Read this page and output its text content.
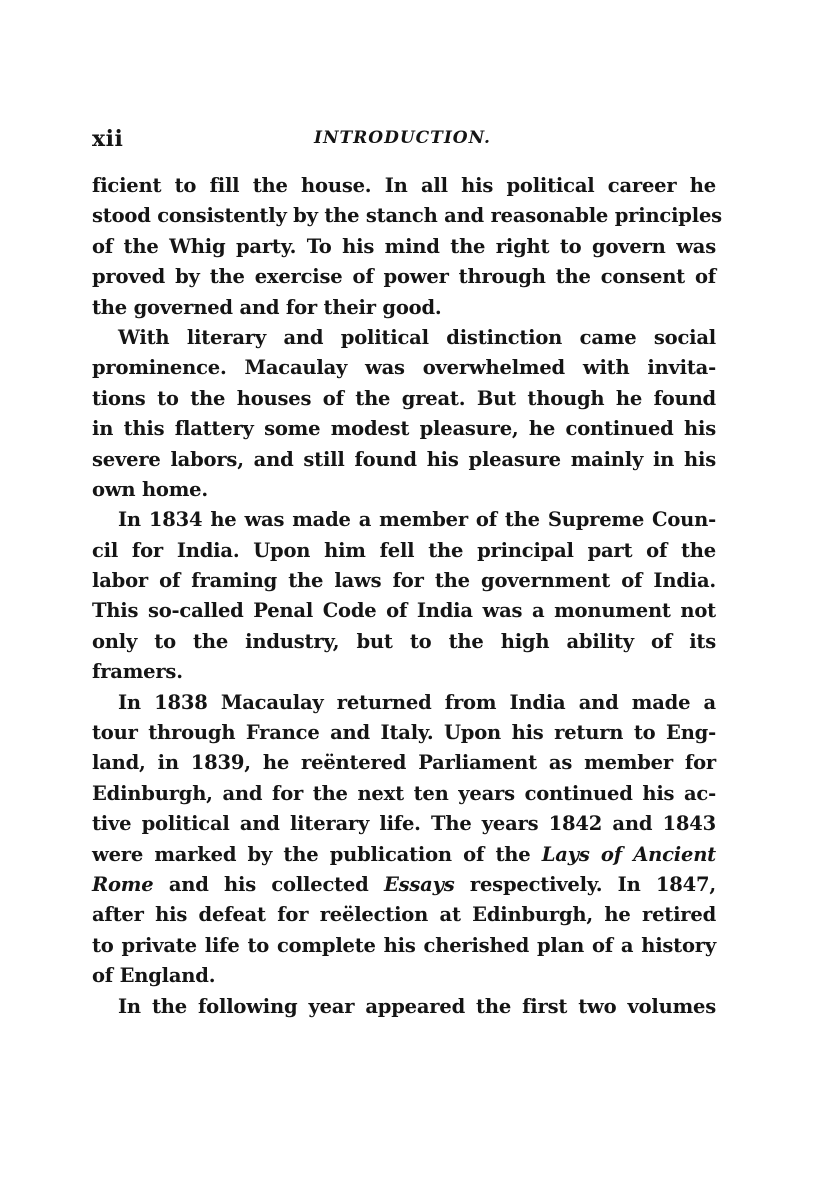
xii	INTRODUCTION.
ficient to fill the house. In all his political career he
stood consistently by the stanch and reasonable principles
of the Whig party. To his mind the right to govern was
proved by the exercise of power through the consent of
the governed and for their good.
With literary and political distinction came social
prominence. Macaulay was overwhelmed with invita-
tions to the houses of the great. But though he found
in this flattery some modest pleasure, he continued his
severe labors, and still found his pleasure mainly in his
own home.
In 1834 he was made a member of the Supreme Coun-
cil for India. Upon him fell the principal part of the
labor of framing the laws for the government of India.
This so-called Penal Code of India was a monument not
only to the industry, but to the high ability of its
framers.
In 1838 Macaulay returned from India and made a
tour through France and Italy. Upon his return to Eng-
land, in 1839, he reëntered Parliament as member for
Edinburgh, and for the next ten years continued his ac-
tive political and literary life. The years 1842 and 1843
were marked by the publication of the Lays of Ancient
Rome and his collected Essays respectively. In 1847,
after his defeat for reëlection at Edinburgh, he retired
to private life to complete his cherished plan of a history
of England.
In the following year appeared the first two volumes
